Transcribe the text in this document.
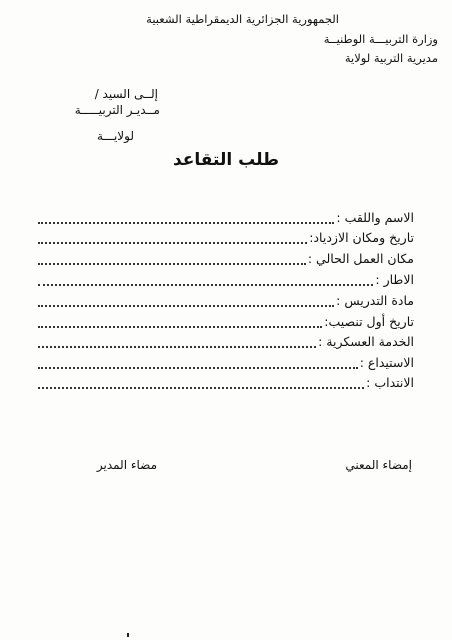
الجمهورية الجزائرية الديمقراطية الشعبية
وزارة التربيـــة الوطنيــة
مديرية التربية لولاية
إلــى السيد /
مــديـر التربيـــــة
لولايـــة
طلب التقاعد
الاسم واللقب :
تاريخ ومكان الازدياد:
مكان العمل الحالي :
الاطار :
مادة التدريس :
تاريخ أول تنصيب:
الخدمة العسكرية :
الاستيداع :
الانتداب :
إمضاء المعني
مضاء المدير
